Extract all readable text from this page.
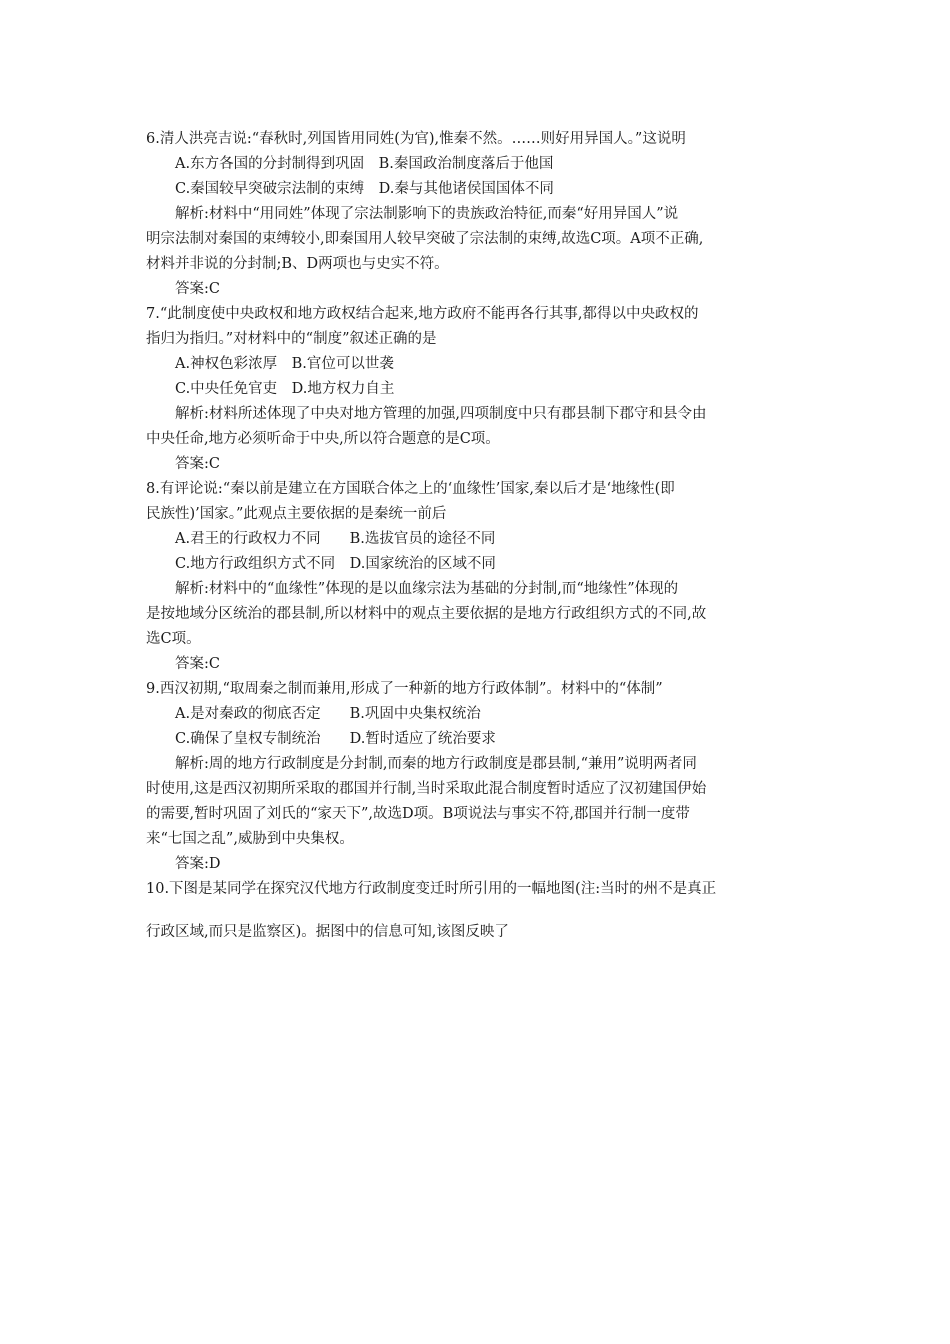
6.清人洪亮吉说:“春秋时,列国皆用同姓(为官),惟秦不然。……则好用异国人。”这说明
A.东方各国的分封制得到巩固　B.秦国政治制度落后于他国
C.秦国较早突破宗法制的束缚　D.秦与其他诸侯国国体不同
解析:材料中“用同姓”体现了宗法制影响下的贵族政治特征,而秦“好用异国人”说
明宗法制对秦国的束缚较小,即秦国用人较早突破了宗法制的束缚,故选C项。A项不正确,
材料并非说的分封制;B、D两项也与史实不符。
答案:C
7.“此制度使中央政权和地方政权结合起来,地方政府不能再各行其事,都得以中央政权的
指归为指归。”对材料中的“制度”叙述正确的是
A.神权色彩浓厚　B.官位可以世袭
C.中央任免官吏　D.地方权力自主
解析:材料所述体现了中央对地方管理的加强,四项制度中只有郡县制下郡守和县令由
中央任命,地方必须听命于中央,所以符合题意的是C项。
答案:C
8.有评论说:“秦以前是建立在方国联合体之上的‘血缘性’国家,秦以后才是‘地缘性(即
民族性)’国家。”此观点主要依据的是秦统一前后
A.君王的行政权力不同　　B.选拔官员的途径不同
C.地方行政组织方式不同　D.国家统治的区域不同
解析:材料中的“血缘性”体现的是以血缘宗法为基础的分封制,而“地缘性”体现的
是按地域分区统治的郡县制,所以材料中的观点主要依据的是地方行政组织方式的不同,故
选C项。
答案:C
9.西汉初期,“取周秦之制而兼用,形成了一种新的地方行政体制”。材料中的“体制”
A.是对秦政的彻底否定　　B.巩固中央集权统治
C.确保了皇权专制统治　　D.暂时适应了统治要求
解析:周的地方行政制度是分封制,而秦的地方行政制度是郡县制,“兼用”说明两者同
时使用,这是西汉初期所采取的郡国并行制,当时采取此混合制度暂时适应了汉初建国伊始
的需要,暂时巩固了刘氏的“家天下”,故选D项。B项说法与事实不符,郡国并行制一度带
来“七国之乱”,威胁到中央集权。
答案:D
10.下图是某同学在探究汉代地方行政制度变迁时所引用的一幅地图(注:当时的州不是真正
行政区域,而只是监察区)。据图中的信息可知,该图反映了
